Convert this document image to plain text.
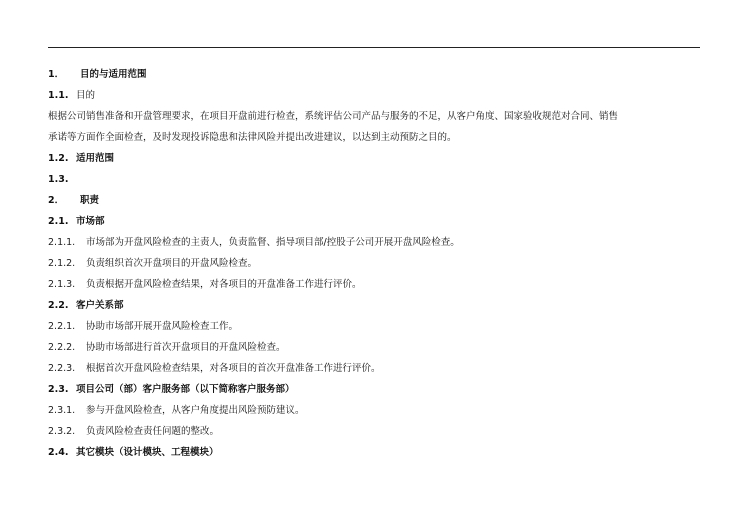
1． 目的与适用范围
1.1. 目的
根据公司销售准备和开盘管理要求，在项目开盘前进行检查，系统评估公司产品与服务的不足，从客户角度、国家验收规范对合同、销售
承诺等方面作全面检查，及时发现投诉隐患和法律风险并提出改进建议，以达到主动预防之目的。
1.2. 适用范围
1.3.
2． 职责
2.1. 市场部
2.1.1. 市场部为开盘风险检查的主责人，负责监督、指导项目部/控股子公司开展开盘风险检查。
2.1.2. 负责组织首次开盘项目的开盘风险检查。
2.1.3. 负责根据开盘风险检查结果，对各项目的开盘准备工作进行评价。
2.2. 客户关系部
2.2.1. 协助市场部开展开盘风险检查工作。
2.2.2. 协助市场部进行首次开盘项目的开盘风险检查。
2.2.3. 根据首次开盘风险检查结果，对各项目的首次开盘准备工作进行评价。
2.3. 项目公司（部）客户服务部（以下简称客户服务部）
2.3.1. 参与开盘风险检查，从客户角度提出风险预防建议。
2.3.2. 负责风险检查责任问题的整改。
2.4. 其它模块（设计模块、工程模块）
